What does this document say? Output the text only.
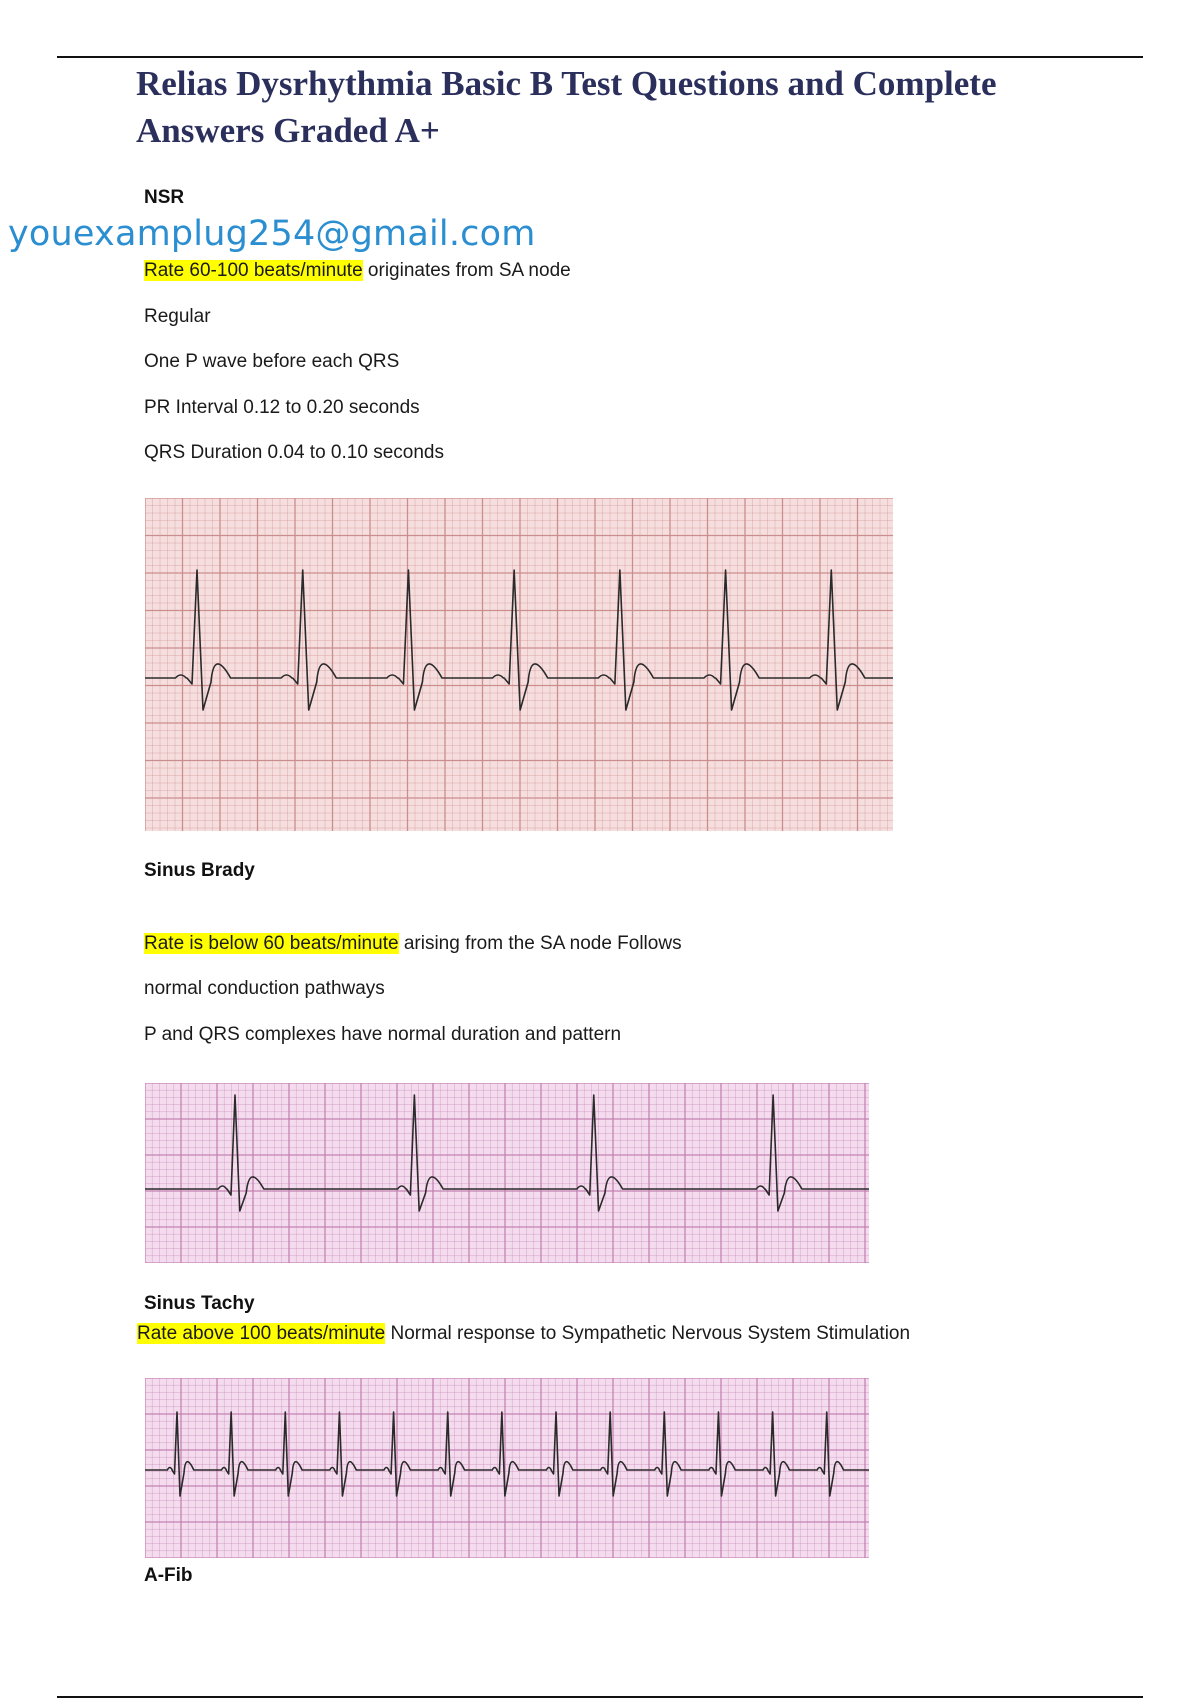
Relias Dysrhythmia Basic B Test Questions and Complete Answers Graded A+
NSR
youexamplug254@gmail.com
Rate 60-100 beats/minute originates from SA node
Regular
One P wave before each QRS
PR Interval 0.12 to 0.20 seconds
QRS Duration 0.04 to 0.10 seconds
Sinus Brady
Rate is below 60 beats/minute arising from the SA node Follows
normal conduction pathways
P and QRS complexes have normal duration and pattern
Sinus Tachy
Rate above 100 beats/minute Normal response to Sympathetic Nervous System Stimulation
A-Fib
